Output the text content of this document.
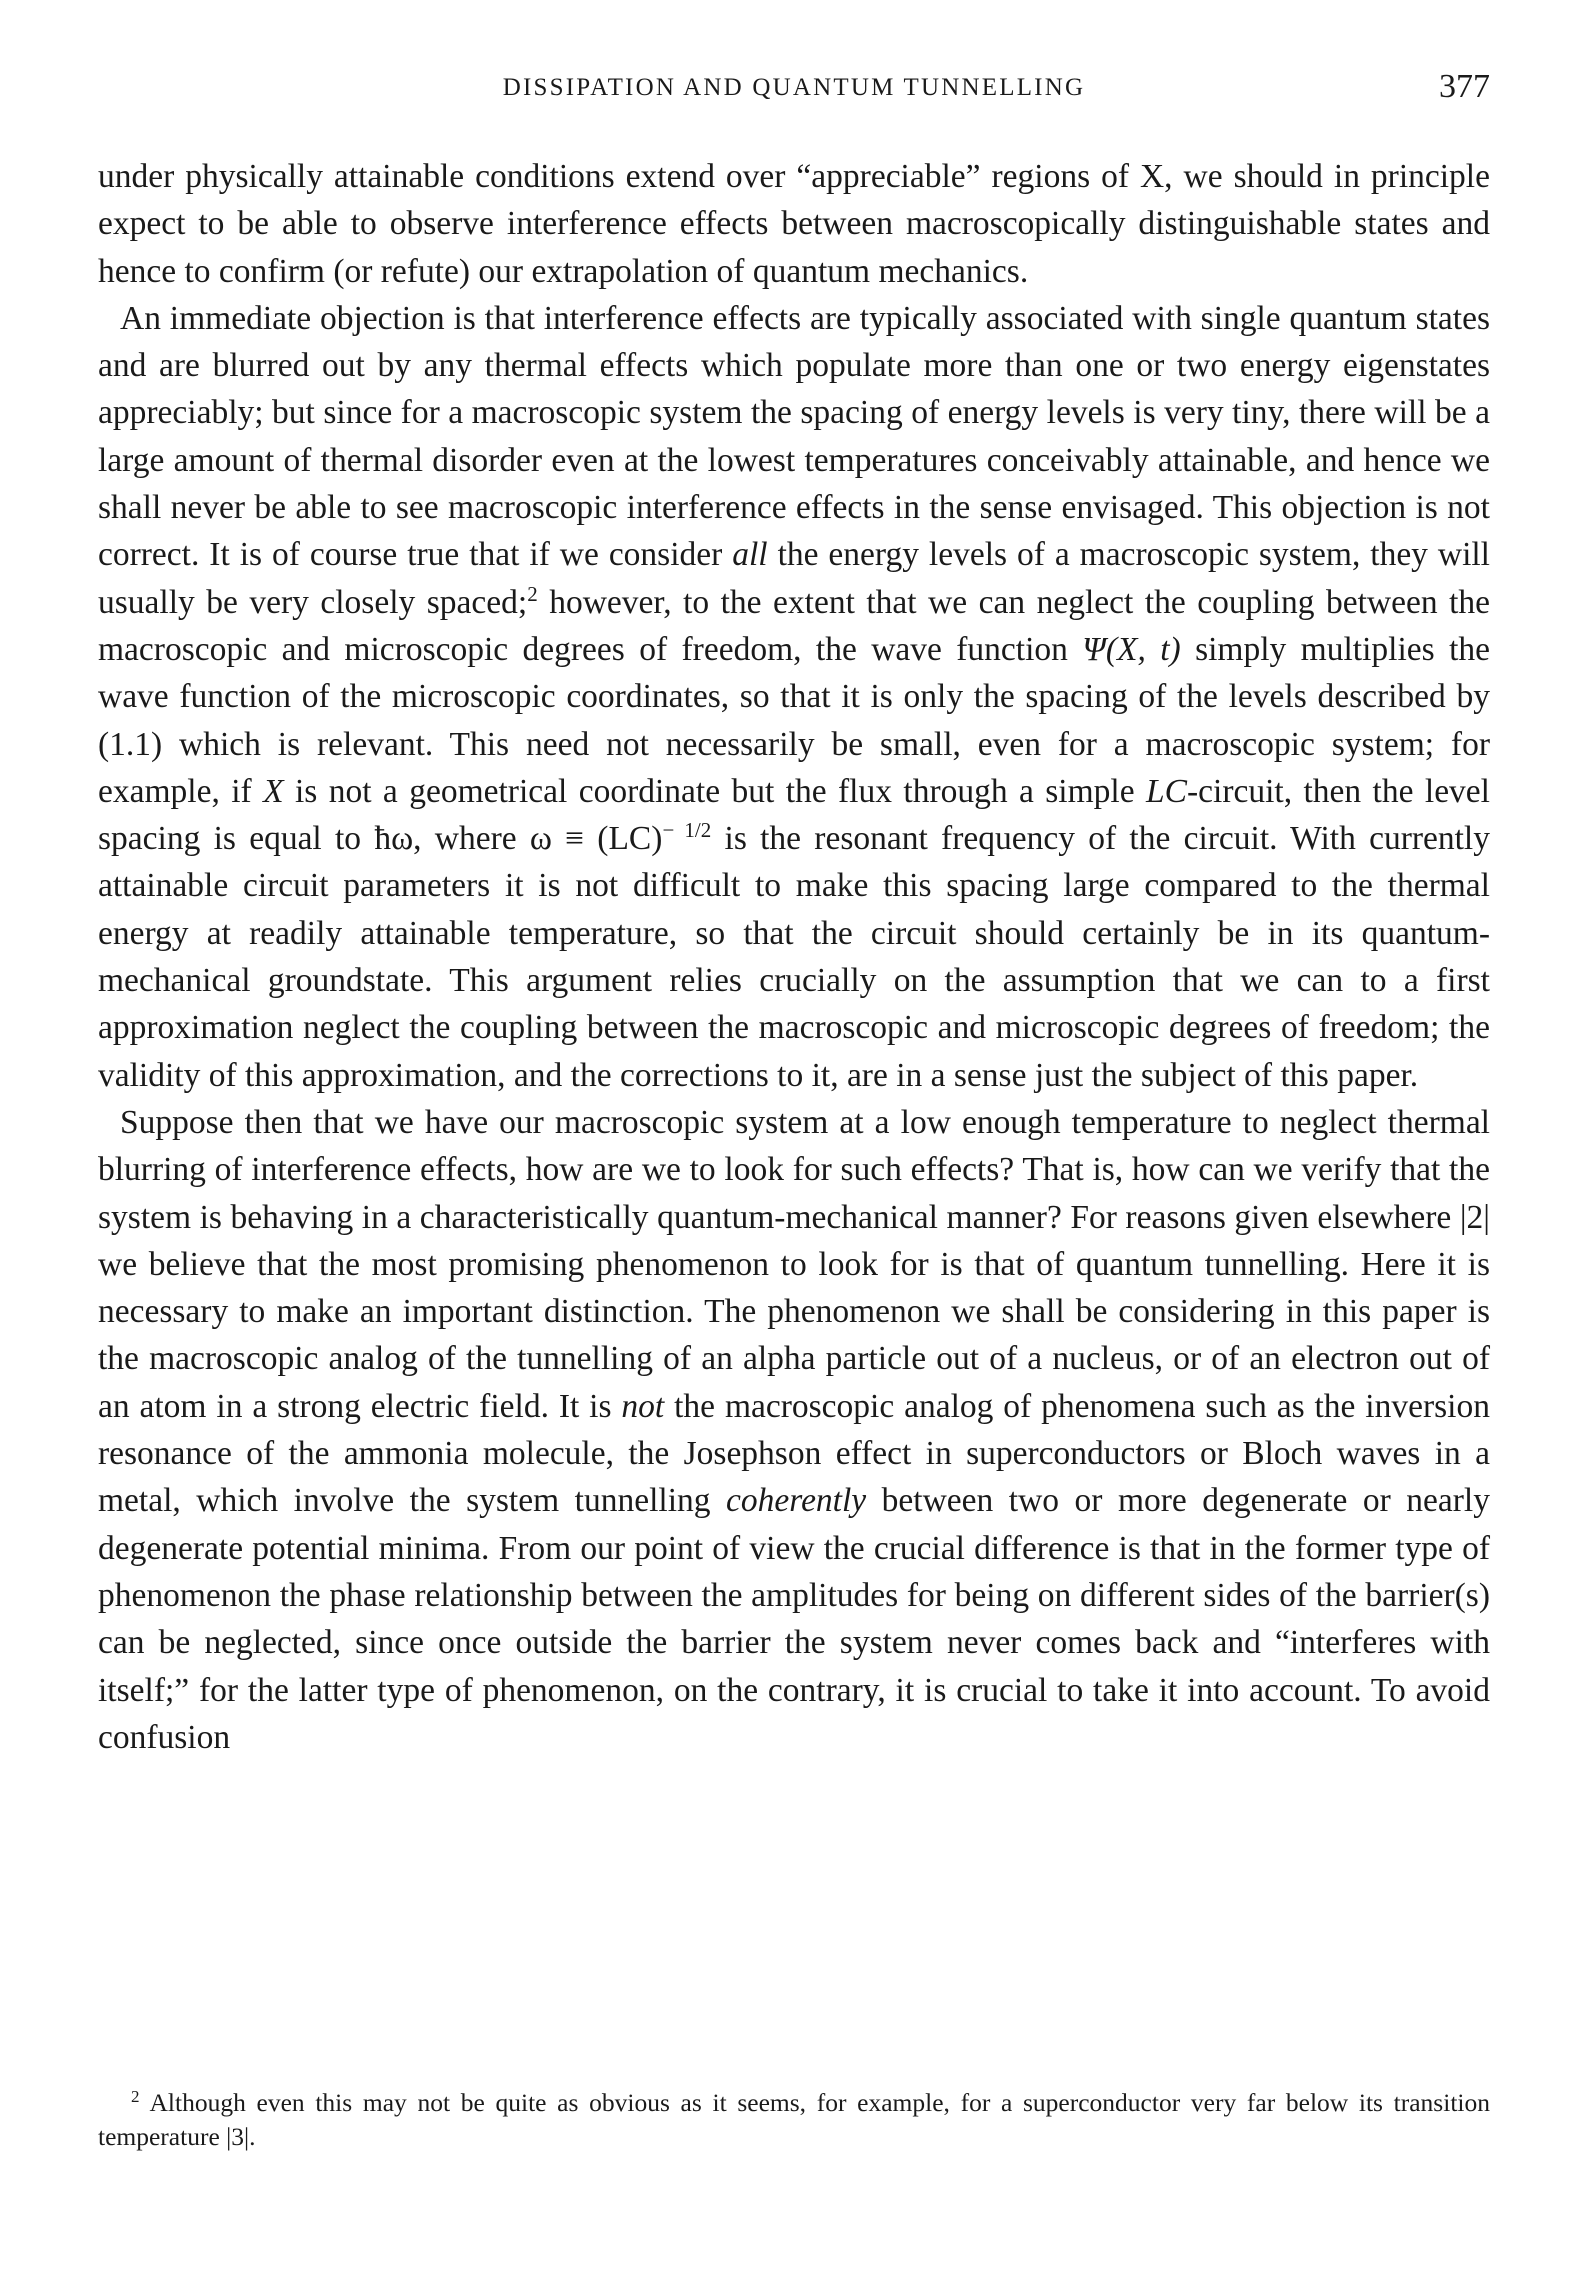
DISSIPATION AND QUANTUM TUNNELLING	377

under physically attainable conditions extend over “appreciable” regions of X, we should in principle expect to be able to observe interference effects between macroscopically distinguishable states and hence to confirm (or refute) our extrapolation of quantum mechanics.

An immediate objection is that interference effects are typically associated with single quantum states and are blurred out by any thermal effects which populate more than one or two energy eigenstates appreciably; but since for a macroscopic system the spacing of energy levels is very tiny, there will be a large amount of thermal disorder even at the lowest temperatures conceivably attainable, and hence we shall never be able to see macroscopic interference effects in the sense envisaged. This objection is not correct. It is of course true that if we consider all the energy levels of a macroscopic system, they will usually be very closely spaced;$^2$ however, to the extent that we can neglect the coupling between the macroscopic and microscopic degrees of freedom, the wave function Ψ(X, t) simply multiplies the wave function of the microscopic coordinates, so that it is only the spacing of the levels described by (1.1) which is relevant. This need not necessarily be small, even for a macroscopic system; for example, if X is not a geometrical coordinate but the flux through a simple LC-circuit, then the level spacing is equal to ħω, where ω ≡ (LC)$^{- 1/2}$ is the resonant frequency of the circuit. With currently attainable circuit parameters it is not difficult to make this spacing large compared to the thermal energy at readily attainable temperature, so that the circuit should certainly be in its quantum-mechanical groundstate. This argument relies crucially on the assumption that we can to a first approximation neglect the coupling between the macroscopic and microscopic degrees of freedom; the validity of this approximation, and the corrections to it, are in a sense just the subject of this paper.

Suppose then that we have our macroscopic system at a low enough temperature to neglect thermal blurring of interference effects, how are we to look for such effects? That is, how can we verify that the system is behaving in a characteristically quantum-mechanical manner? For reasons given elsewhere |2| we believe that the most promising phenomenon to look for is that of quantum tunnelling. Here it is necessary to make an important distinction. The phenomenon we shall be considering in this paper is the macroscopic analog of the tunnelling of an alpha particle out of a nucleus, or of an electron out of an atom in a strong electric field. It is not the macroscopic analog of phenomena such as the inversion resonance of the ammonia molecule, the Josephson effect in superconductors or Bloch waves in a metal, which involve the system tunnelling coherently between two or more degenerate or nearly degenerate potential minima. From our point of view the crucial difference is that in the former type of phenomenon the phase relationship between the amplitudes for being on different sides of the barrier(s) can be neglected, since once outside the barrier the system never comes back and “interferes with itself;” for the latter type of phenomenon, on the contrary, it is crucial to take it into account. To avoid confusion

$^2$ Although even this may not be quite as obvious as it seems, for example, for a superconductor very far below its transition temperature |3|.
